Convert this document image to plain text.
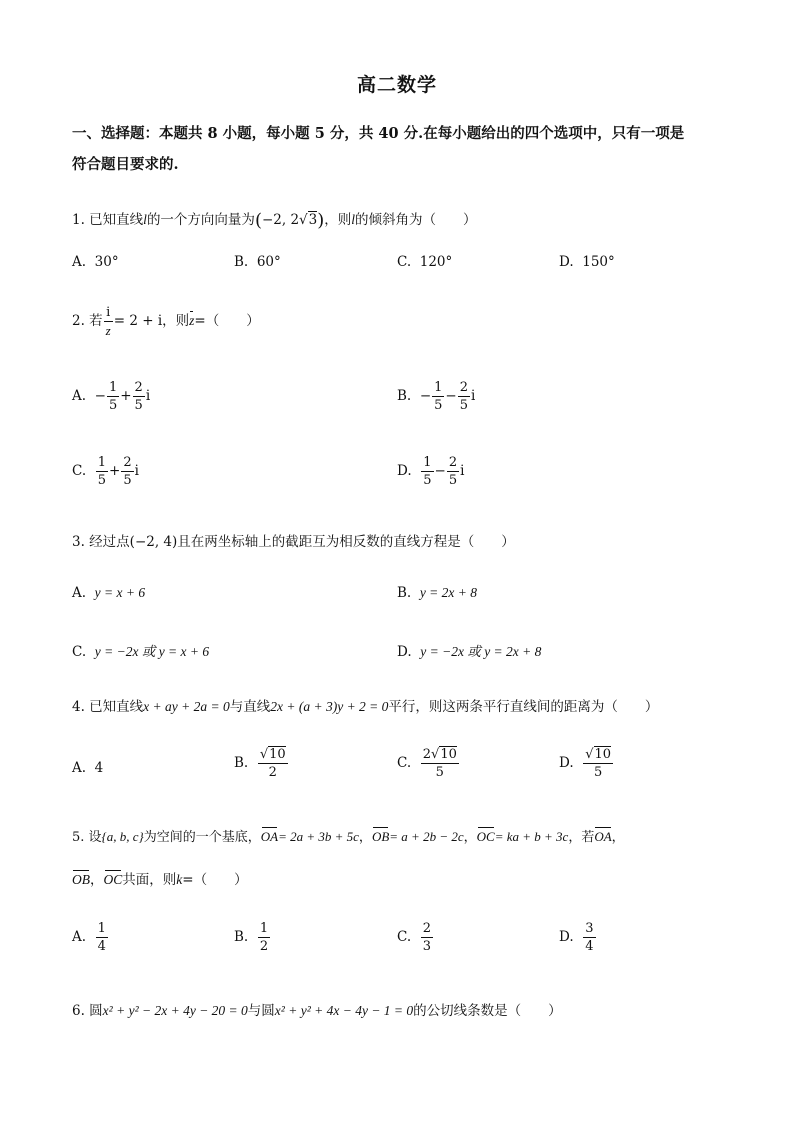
高二数学
一、选择题：本题共 8 小题，每小题 5 分，共 40 分.在每小题给出的四个选项中，只有一项是
符合题目要求的.
1. 已知直线l的一个方向向量为(−2, 2√3)，则l的倾斜角为（　　）
A. 30°	B. 60°	C. 120°	D. 150°
2. 若 $\frac{i}{z} = 2 + i$，则z=（　　）
A. − $\frac{1}{5} + \frac{2}{5}$ i	B. − $\frac{1}{5} - \frac{2}{5}$ i
C. $\frac{1}{5} + \frac{2}{5}$ i	D. $\frac{1}{5} - \frac{2}{5}$ i
3. 经过点(−2, 4)且在两坐标轴上的截距互为相反数的直线方程是（　　）
A. y = x + 6	B. y = 2x + 8
C. y = −2x 或 y = x + 6	D. y = −2x 或 y = 2x + 8
4. 已知直线x + ay + 2a = 0与直线2x + (a + 3)y + 2 = 0平行，则这两条平行直线间的距离为（　　）
A. 4	B. $\frac{√10}{2}$	C. $\frac{2√10}{5}$	D. $\frac{√10}{5}$
5. 设{a, b, c}为空间的一个基底，OA= 2a + 3b + 5c，OB= a + 2b − 2c，OC= ka + b + 3c，若OA，
OB，OC共面，则k=（　　）
A. $\frac{1}{4}$	B. $\frac{1}{2}$	C. $\frac{2}{3}$	D. $\frac{3}{4}$
6. 圆x² + y² − 2x + 4y − 20 = 0与圆x² + y² + 4x − 4y − 1 = 0的公切线条数是（　　）
